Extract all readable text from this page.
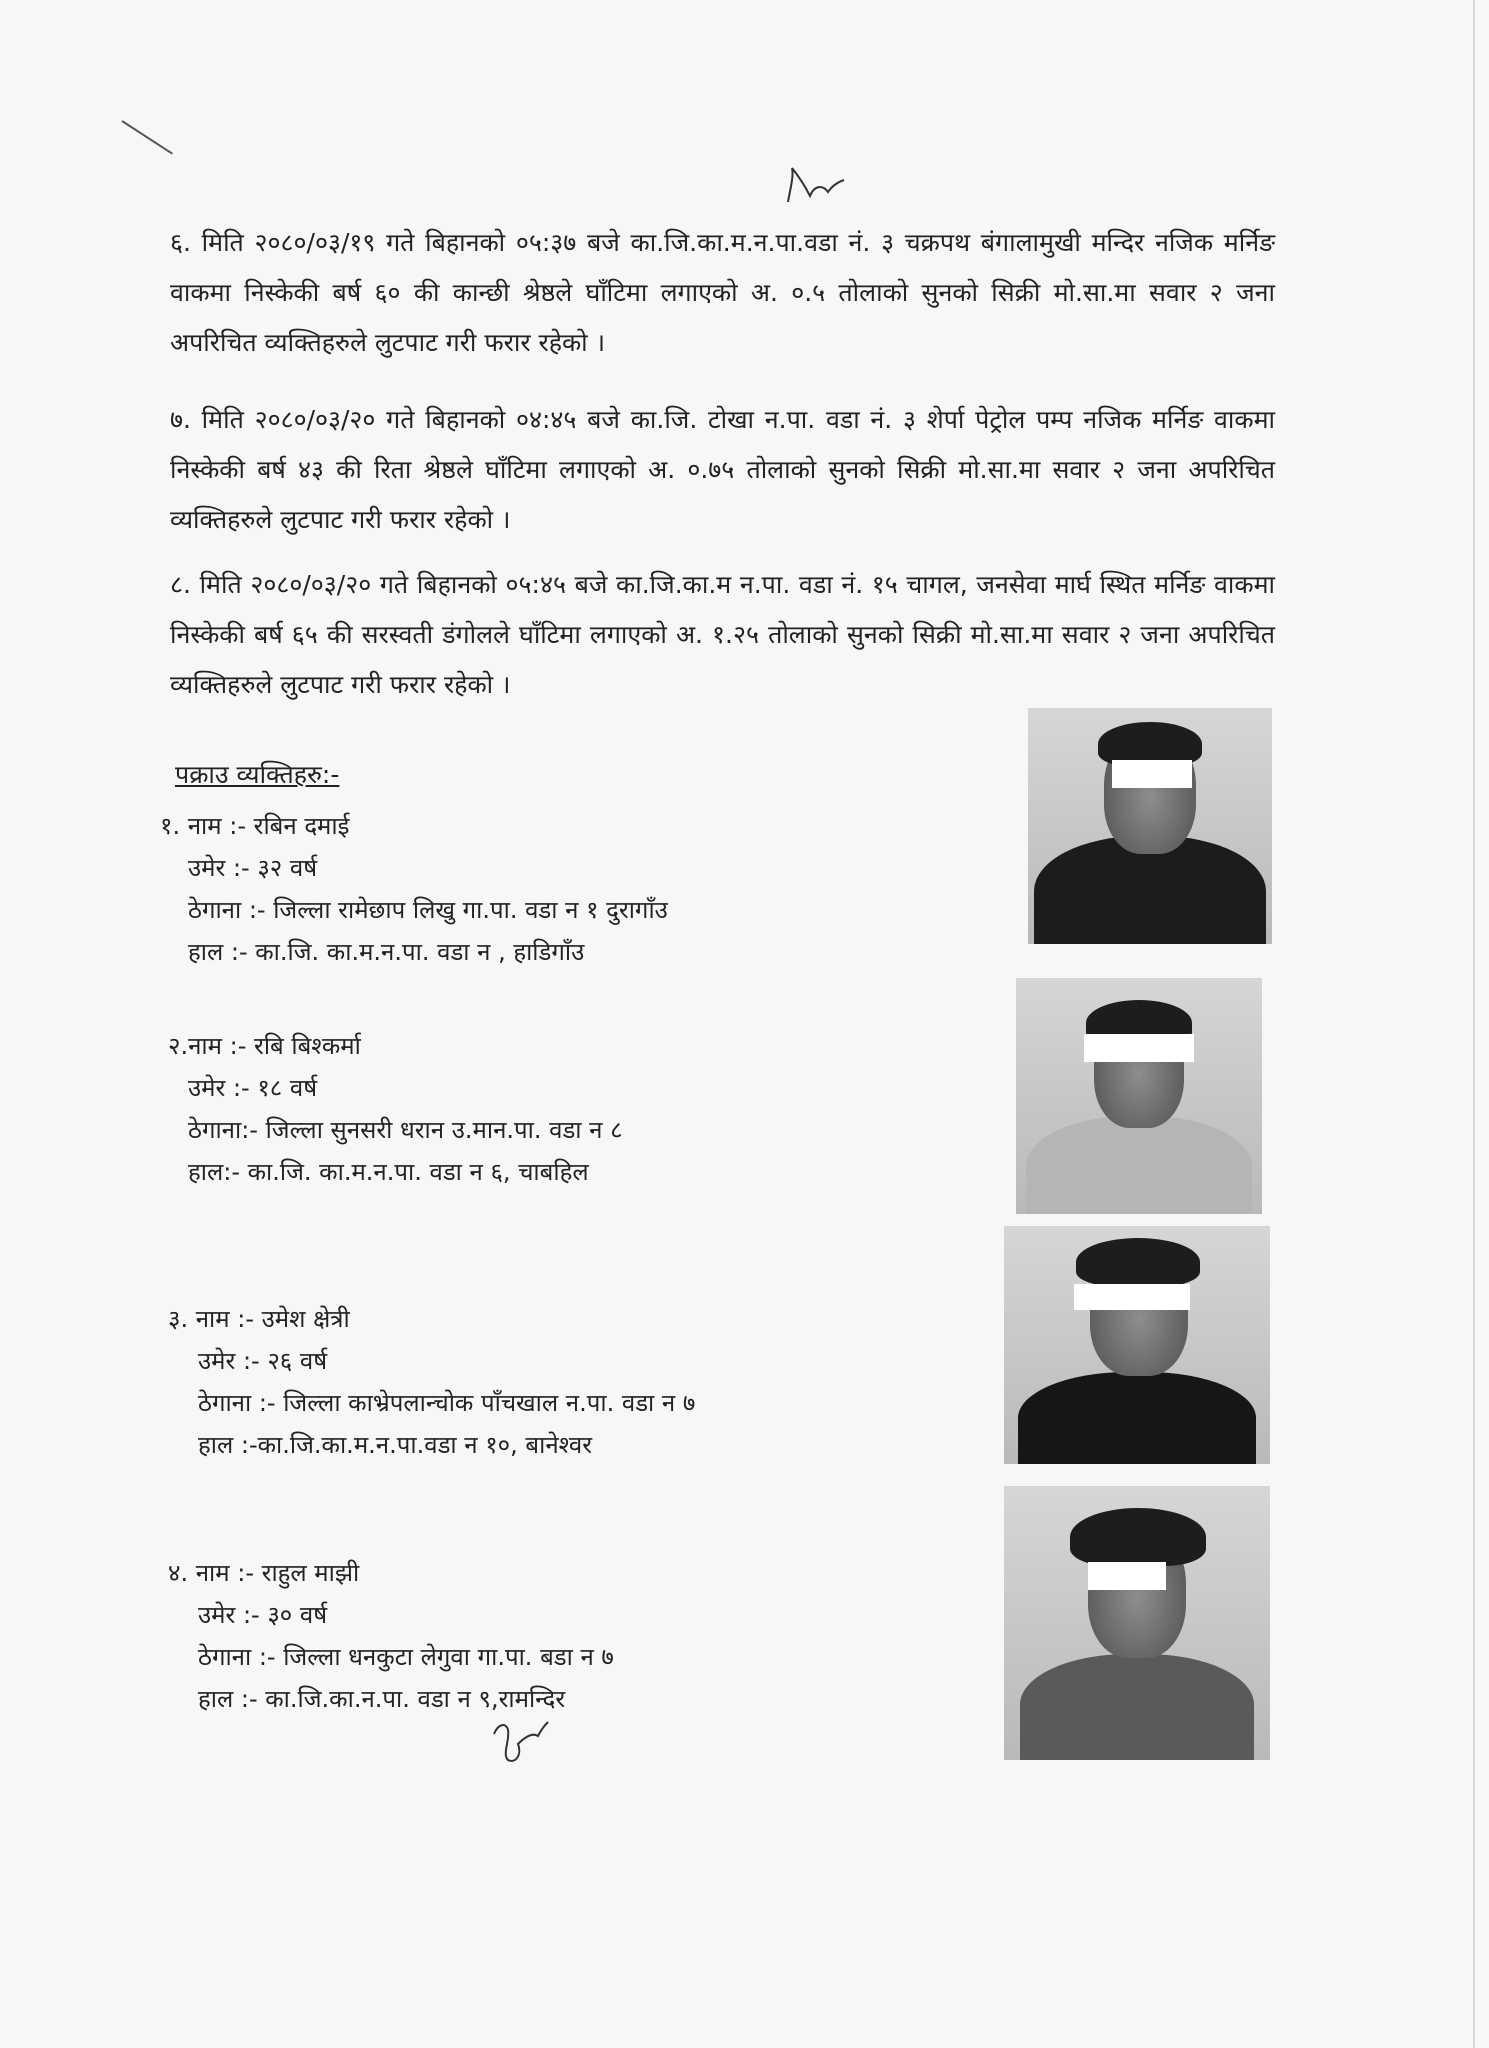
६. मिति २०८०/०३/१९ गते बिहानको ०५:३७ बजे का.जि.का.म.न.पा.वडा नं. ३ चक्रपथ बंगालामुखी मन्दिर नजिक मर्निङ वाकमा निस्केकी बर्ष ६० की कान्छी श्रेष्ठले घाँटिमा लगाएको अ. ०.५ तोलाको सुनको सिक्री मो.सा.मा सवार २ जना अपरिचित व्यक्तिहरुले लुटपाट गरी फरार रहेको ।

७. मिति २०८०/०३/२० गते बिहानको ०४:४५ बजे का.जि. टोखा न.पा. वडा नं. ३ शेर्पा पेट्रोल पम्प नजिक मर्निङ वाकमा निस्केकी बर्ष ४३ की रिता श्रेष्ठले घाँटिमा लगाएको अ. ०.७५ तोलाको सुनको सिक्री मो.सा.मा सवार २ जना अपरिचित व्यक्तिहरुले लुटपाट गरी फरार रहेको ।

८. मिति २०८०/०३/२० गते बिहानको ०५:४५ बजे का.जि.का.म न.पा. वडा नं. १५ चागल, जनसेवा मार्घ स्थित मर्निङ वाकमा निस्केकी बर्ष ६५ की सरस्वती डंगोलले घाँटिमा लगाएको अ. १.२५ तोलाको सुनको सिक्री मो.सा.मा सवार २ जना अपरिचित व्यक्तिहरुले लुटपाट गरी फरार रहेको ।

पक्राउ व्यक्तिहरु:-

१. नाम :- रबिन दमाई
उमेर :- ३२ वर्ष
ठेगाना :- जिल्ला रामेछाप लिखु गा.पा. वडा न १ दुरागाँउ
हाल :- का.जि. का.म.न.पा. वडा न , हाडिगाँउ
२.नाम :- रबि बिश्कर्मा
उमेर :- १८ वर्ष
ठेगाना:- जिल्ला सुनसरी धरान उ.मान.पा. वडा न ८
हाल:- का.जि. का.म.न.पा. वडा न ६, चाबहिल
३. नाम :- उमेश क्षेत्री
उमेर :- २६ वर्ष
ठेगाना :- जिल्ला काभ्रेपलान्चोक पाँचखाल न.पा. वडा न ७
हाल :-का.जि.का.म.न.पा.वडा न १०, बानेश्वर
४. नाम :- राहुल माझी
उमेर :- ३० वर्ष
ठेगाना :- जिल्ला धनकुटा लेगुवा गा.पा. बडा न ७
हाल :- का.जि.का.न.पा. वडा न ९,रामन्दिर
